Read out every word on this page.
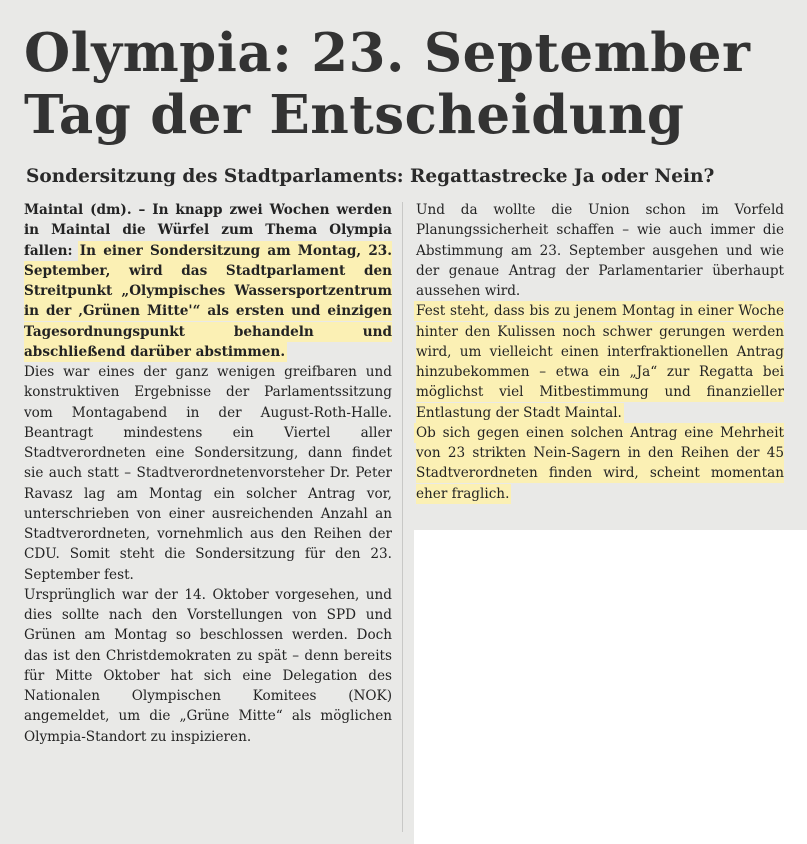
Olympia: 23. September
Tag der Entscheidung
Sondersitzung des Stadtparlaments: Regattastrecke Ja oder Nein?

Maintal (dm). – In knapp zwei Wochen werden in Maintal die Würfel zum Thema Olympia fallen: In einer Sondersitzung am Montag, 23. September, wird das Stadtparlament den Streitpunkt „Olympisches Wassersportzentrum in der ‚Grünen Mitte'“ als ersten und einzigen Tagesordnungspunkt behandeln und abschließend darüber abstimmen.

Dies war eines der ganz wenigen greifbaren und konstruktiven Ergebnisse der Parlamentssitzung vom Montagabend in der August-Roth-Halle. Beantragt mindestens ein Viertel aller Stadtverordneten eine Sondersitzung, dann findet sie auch statt – Stadtverordnetenvorsteher Dr. Peter Ravasz lag am Montag ein solcher Antrag vor, unterschrieben von einer ausreichenden Anzahl an Stadtverordneten, vornehmlich aus den Reihen der CDU. Somit steht die Sondersitzung für den 23. September fest.

Ursprünglich war der 14. Oktober vorgesehen, und dies sollte nach den Vorstellungen von SPD und Grünen am Montag so beschlossen werden. Doch das ist den Christdemokraten zu spät – denn bereits für Mitte Oktober hat sich eine Delegation des Nationalen Olympischen Komitees (NOK) angemeldet, um die „Grüne Mitte“ als möglichen Olympia-Standort zu inspizieren.

Und da wollte die Union schon im Vorfeld Planungssicherheit schaffen – wie auch immer die Abstimmung am 23. September ausgehen und wie der genaue Antrag der Parlamentarier überhaupt aussehen wird.

Fest steht, dass bis zu jenem Montag in einer Woche hinter den Kulissen noch schwer gerungen werden wird, um vielleicht einen interfraktionellen Antrag hinzubekommen – etwa ein „Ja“ zur Regatta bei möglichst viel Mitbestimmung und finanzieller Entlastung der Stadt Maintal.

Ob sich gegen einen solchen Antrag eine Mehrheit von 23 strikten Nein-Sagern in den Reihen der 45 Stadtverordneten finden wird, scheint momentan eher fraglich.
